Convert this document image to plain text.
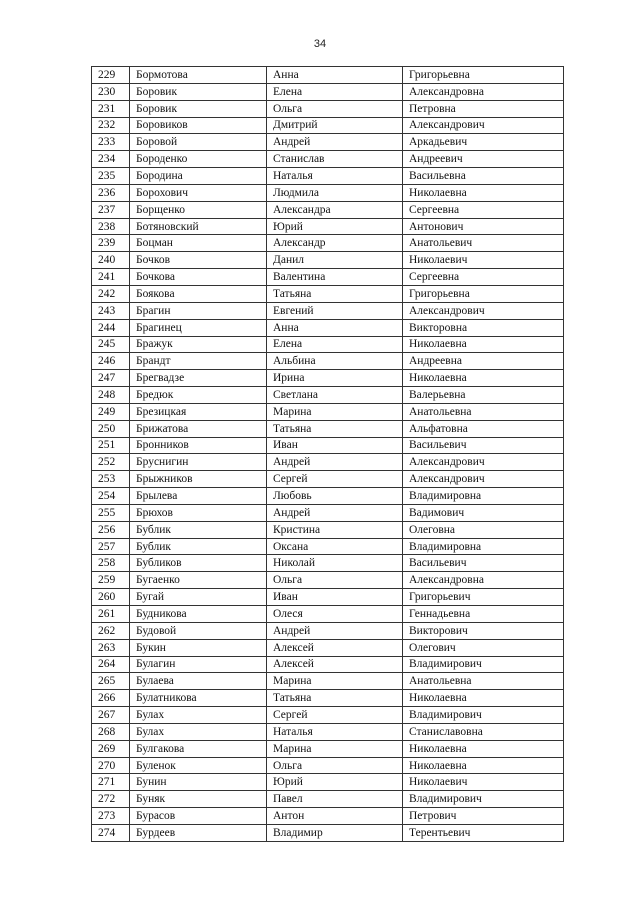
34
229	Бормотова	Анна	Григорьевна
230	Боровик	Елена	Александровна
231	Боровик	Ольга	Петровна
232	Боровиков	Дмитрий	Александрович
233	Боровой	Андрей	Аркадьевич
234	Бороденко	Станислав	Андреевич
235	Бородина	Наталья	Васильевна
236	Борохович	Людмила	Николаевна
237	Борщенко	Александра	Сергеевна
238	Ботяновский	Юрий	Антонович
239	Боцман	Александр	Анатольевич
240	Бочков	Данил	Николаевич
241	Бочкова	Валентина	Сергеевна
242	Боякова	Татьяна	Григорьевна
243	Брагин	Евгений	Александрович
244	Брагинец	Анна	Викторовна
245	Бражук	Елена	Николаевна
246	Брандт	Альбина	Андреевна
247	Брегвадзе	Ирина	Николаевна
248	Бредюк	Светлана	Валерьевна
249	Брезицкая	Марина	Анатольевна
250	Брижатова	Татьяна	Альфатовна
251	Бронников	Иван	Васильевич
252	Бруснигин	Андрей	Александрович
253	Брыжников	Сергей	Александрович
254	Брылева	Любовь	Владимировна
255	Брюхов	Андрей	Вадимович
256	Бублик	Кристина	Олеговна
257	Бублик	Оксана	Владимировна
258	Бубликов	Николай	Васильевич
259	Бугаенко	Ольга	Александровна
260	Бугай	Иван	Григорьевич
261	Будникова	Олеся	Геннадьевна
262	Будовой	Андрей	Викторович
263	Букин	Алексей	Олегович
264	Булагин	Алексей	Владимирович
265	Булаева	Марина	Анатольевна
266	Булатникова	Татьяна	Николаевна
267	Булах	Сергей	Владимирович
268	Булах	Наталья	Станиславовна
269	Булгакова	Марина	Николаевна
270	Буленок	Ольга	Николаевна
271	Бунин	Юрий	Николаевич
272	Буняк	Павел	Владимирович
273	Бурасов	Антон	Петрович
274	Бурдеев	Владимир	Терентьевич
